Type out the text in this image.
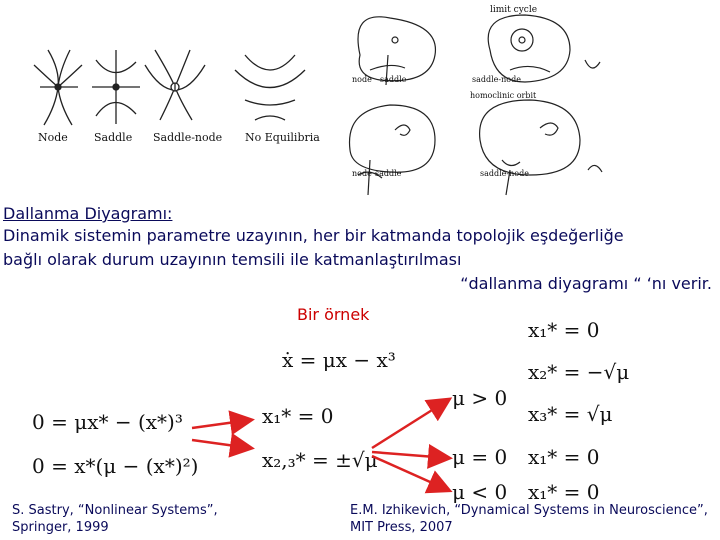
Node Saddle Saddle-node No Equilibria
limit cycle
node saddle	saddle-node
homoclinic orbit
node saddle	saddle-node
Dallanma Diyagramı:
Dinamik sistemin parametre uzayının, her bir katmanda topolojik eşdeğerliğe
bağlı olarak durum uzayının temsili ile katmanlaştırılması
“dallanma diyagramı “ ‘nı verir.
Bir örnek
ẋ = μx − x³
0 = μx* − (x*)³
0 = x*(μ − (x*)²)
x₁* = 0
x₂,₃* = ±√μ
μ > 0
μ = 0
μ < 0
x₁* = 0
x₂* = −√μ
x₃* = √μ
x₁* = 0
x₁* = 0
S. Sastry, “Nonlinear Systems”,
Springer, 1999
E.M. Izhikevich, “Dynamical Systems in Neuroscience”,
MIT Press, 2007
